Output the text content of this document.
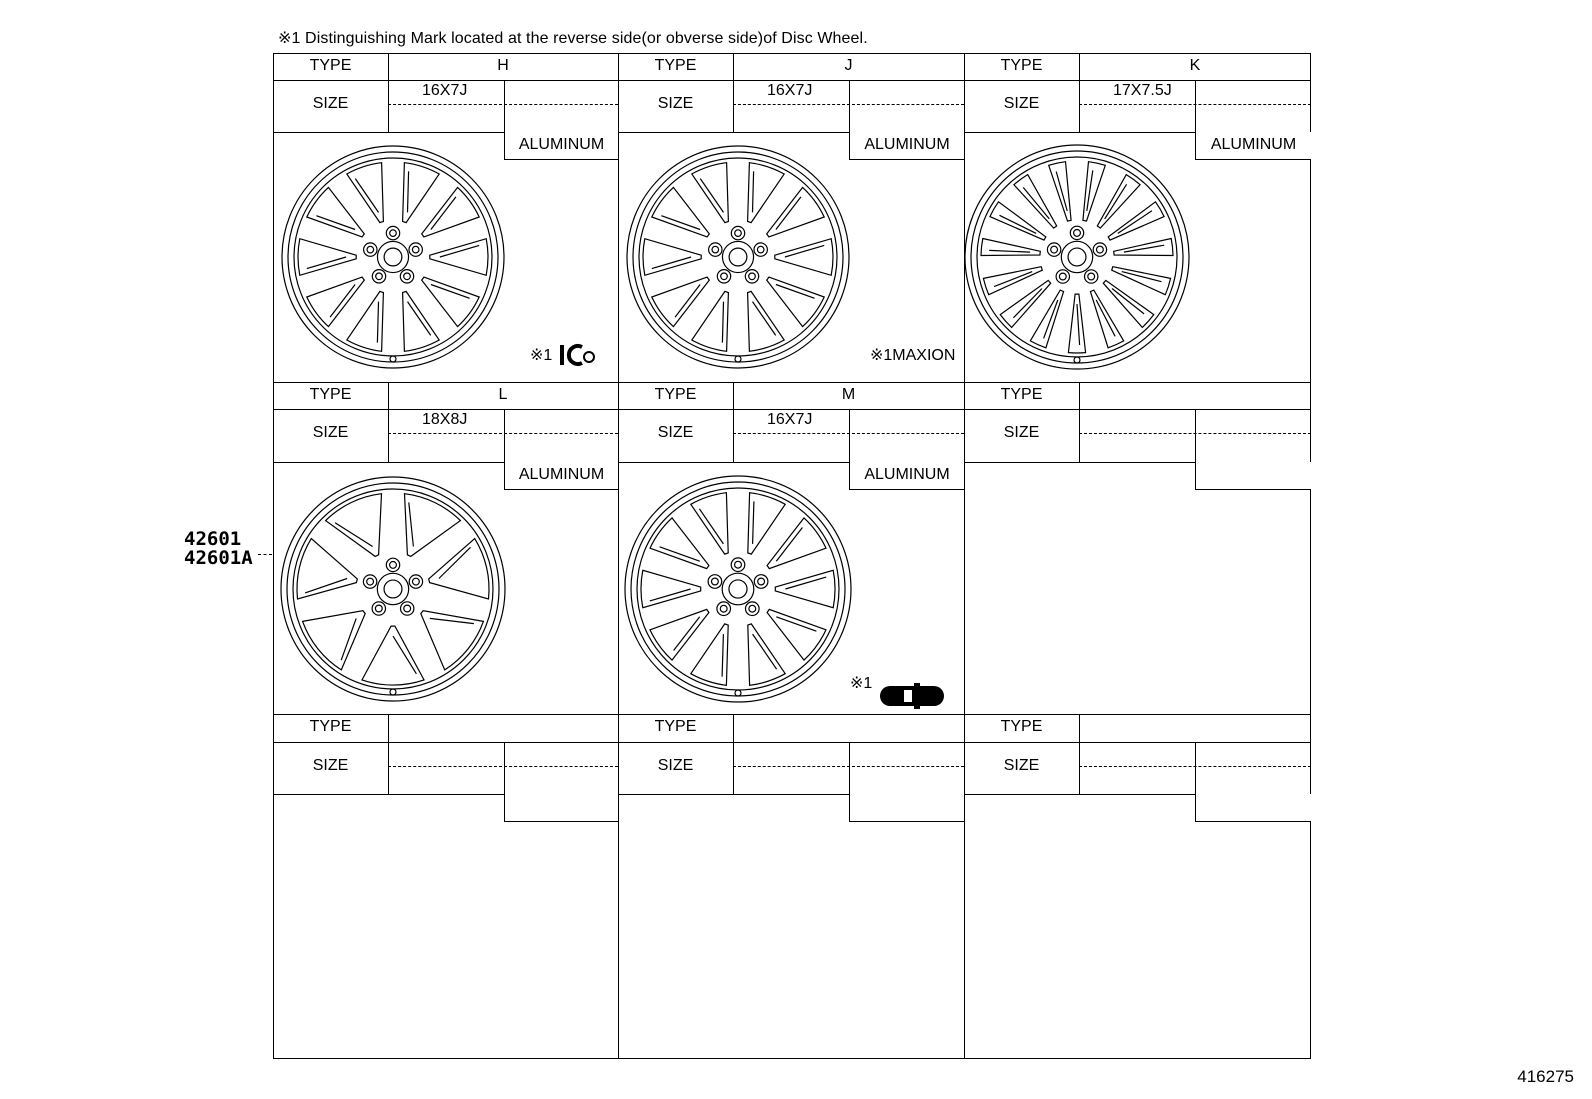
※1 Distinguishing Mark located at the reverse side(or obverse side)of Disc Wheel.
42601
42601A
416275
TYPE
SIZE
H
16X7J
ALUMINUM
TYPE
SIZE
J
16X7J
ALUMINUM
TYPE
SIZE
K
17X7.5J
ALUMINUM
TYPE
SIZE
L
18X8J
ALUMINUM
TYPE
SIZE
M
16X7J
ALUMINUM
TYPE
SIZE
TYPE
SIZE
TYPE
SIZE
TYPE
SIZE
※1	※1MAXION
※1
